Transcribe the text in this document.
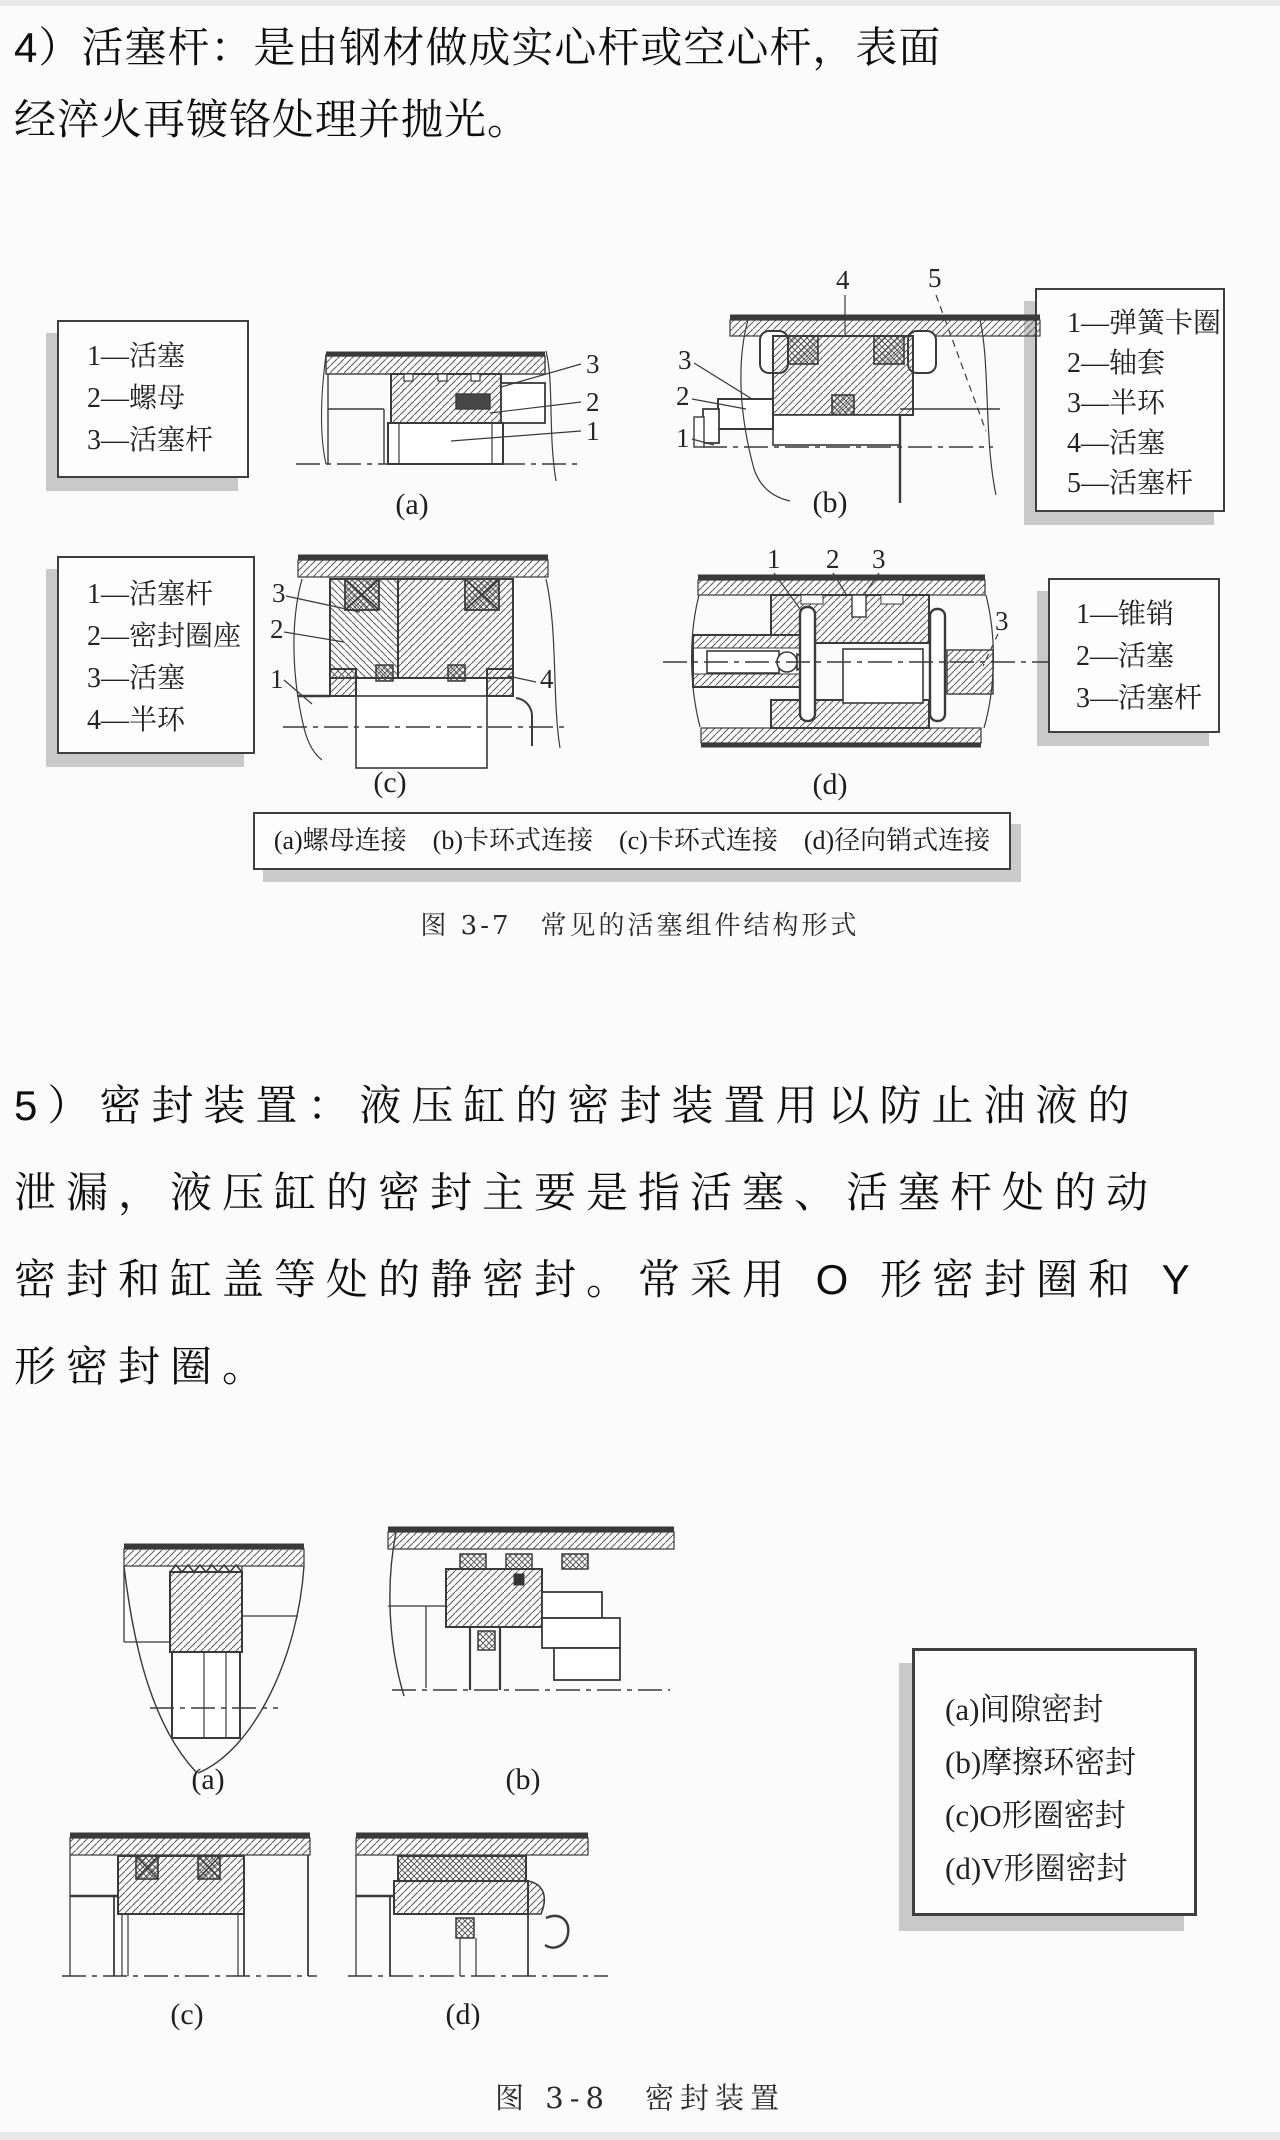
4）活塞杆：是由钢材做成实心杆或空心杆，表面
经淬火再镀铬处理并抛光。
1—活塞
2—螺母
3—活塞杆
1—弹簧卡圈
2—轴套
3—半环
4—活塞
5—活塞杆
1—活塞杆
2—密封圈座
3—活塞
4—半环
1—锥销
2—活塞
3—活塞杆
3
2
1
(a)
4	5
3
2
1
(b)
3
2
1	4
(c)
1 2 3
3
(d)
(a)螺母连接　(b)卡环式连接　(c)卡环式连接　(d)径向销式连接
图 3-7　常见的活塞组件结构形式
5）密封装置：液压缸的密封装置用以防止油液的
泄漏，液压缸的密封主要是指活塞、活塞杆处的动
密封和缸盖等处的静密封。常采用 O 形密封圈和 Y
形密封圈。
(a)	(b)
(a)间隙密封
(b)摩擦环密封
(c)O形圈密封
(d)V形圈密封
(c)	(d)
图 3-8　密封装置
